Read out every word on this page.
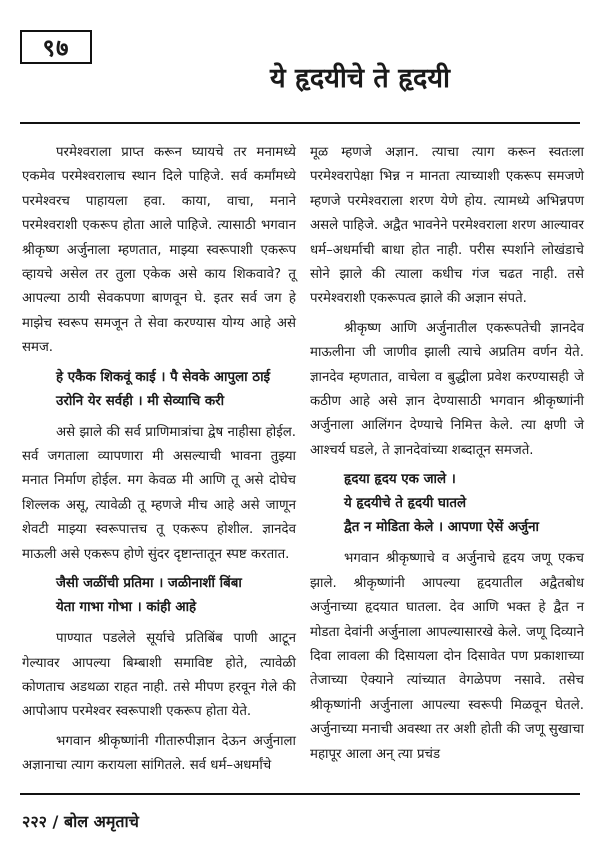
९७
ये हृदयीचे ते हृदयी

परमेश्वराला प्राप्त करून घ्यायचे तर मनामध्ये एकमेव परमेश्वरालाच स्थान दिले पाहिजे. सर्व कर्मांमध्ये परमेश्वरच पाहायला हवा. काया, वाचा, मनाने परमेश्वराशी एकरूप होता आले पाहिजे. त्यासाठी भगवान श्रीकृष्ण अर्जुनाला म्हणतात, माझ्या स्वरूपाशी एकरूप व्हायचे असेल तर तुला एकेक असे काय शिकवावे? तू आपल्या ठायी सेवकपणा बाणवून घे. इतर सर्व जग हे माझेच स्वरूप समजून ते सेवा करण्यास योग्य आहे असे समज.

हे एकैक शिकवूं काई । पै सेवके आपुला ठाई
उरोनि येर सर्वही । मी सेव्याचि करी

असे झाले की सर्व प्राणिमात्रांचा द्वेष नाहीसा होईल. सर्व जगताला व्यापणारा मी असल्याची भावना तुझ्या मनात निर्माण होईल. मग केवळ मी आणि तू असे दोघेच शिल्लक असू, त्यावेळी तू म्हणजे मीच आहे असे जाणून शेवटी माझ्या स्वरूपात्तच तू एकरूप होशील. ज्ञानदेव माऊली असे एकरूप होणे सुंदर दृष्टान्तातून स्पष्ट करतात.

जैसी जळींची प्रतिमा । जळीनाशीं बिंबा
येता गाभा गोभा । कांही आहे

पाण्यात पडलेले सूर्याचे प्रतिबिंब पाणी आटून गेल्यावर आपल्या बिम्बाशी समाविष्ट होते, त्यावेळी कोणताच अडथळा राहत नाही. तसे मीपण हरवून गेले की आपोआप परमेश्वर स्वरूपाशी एकरूप होता येते.

भगवान श्रीकृष्णांनी गीतारुपीज्ञान देऊन अर्जुनाला अज्ञानाचा त्याग करायला सांगितले. सर्व धर्म–अधर्मांचे

मूळ म्हणजे अज्ञान. त्याचा त्याग करून स्वतःला परमेश्वरापेक्षा भिन्न न मानता त्याच्याशी एकरूप समजणे म्हणजे परमेश्वराला शरण येणे होय. त्यामध्ये अभिन्नपण असले पाहिजे. अद्वैत भावनेने परमेश्वराला शरण आल्यावर धर्म–अधर्माची बाधा होत नाही. परीस स्पर्शाने लोखंडाचे सोने झाले की त्याला कधीच गंज चढत नाही. तसे परमेश्वराशी एकरूपत्व झाले की अज्ञान संपते.

श्रीकृष्ण आणि अर्जुनातील एकरूपतेची ज्ञानदेव माऊलीना जी जाणीव झाली त्याचे अप्रतिम वर्णन येते. ज्ञानदेव म्हणतात, वाचेला व बुद्धीला प्रवेश करण्यासही जे कठीण आहे असे ज्ञान देण्यासाठी भगवान श्रीकृष्णांनी अर्जुनाला आलिंगन देण्याचे निमित्त केले. त्या क्षणी जे आश्चर्य घडले, ते ज्ञानदेवांच्या शब्दातून समजते.

हृदया हृदय एक जाले ।
ये हृदयीचे ते हृदयी घातले
द्वैत न मोडिता केले । आपणा ऐसें अर्जुना

भगवान श्रीकृष्णाचे व अर्जुनाचे हृदय जणू एकच झाले. श्रीकृष्णांनी आपल्या हृदयातील अद्वैतबोध अर्जुनाच्या हृदयात घातला. देव आणि भक्त हे द्वैत न मोडता देवांनी अर्जुनाला आपल्यासारखे केले. जणू दिव्याने दिवा लावला की दिसायला दोन दिसावेत पण प्रकाशाच्या तेजाच्या ऐक्याने त्यांच्यात वेगळेपण नसावे. तसेच श्रीकृष्णांनी अर्जुनाला आपल्या स्वरूपी मिळवून घेतले. अर्जुनाच्या मनाची अवस्था तर अशी होती की जणू सुखाचा महापूर आला अन् त्या प्रचंड

२२२ / बोल अमृताचे
